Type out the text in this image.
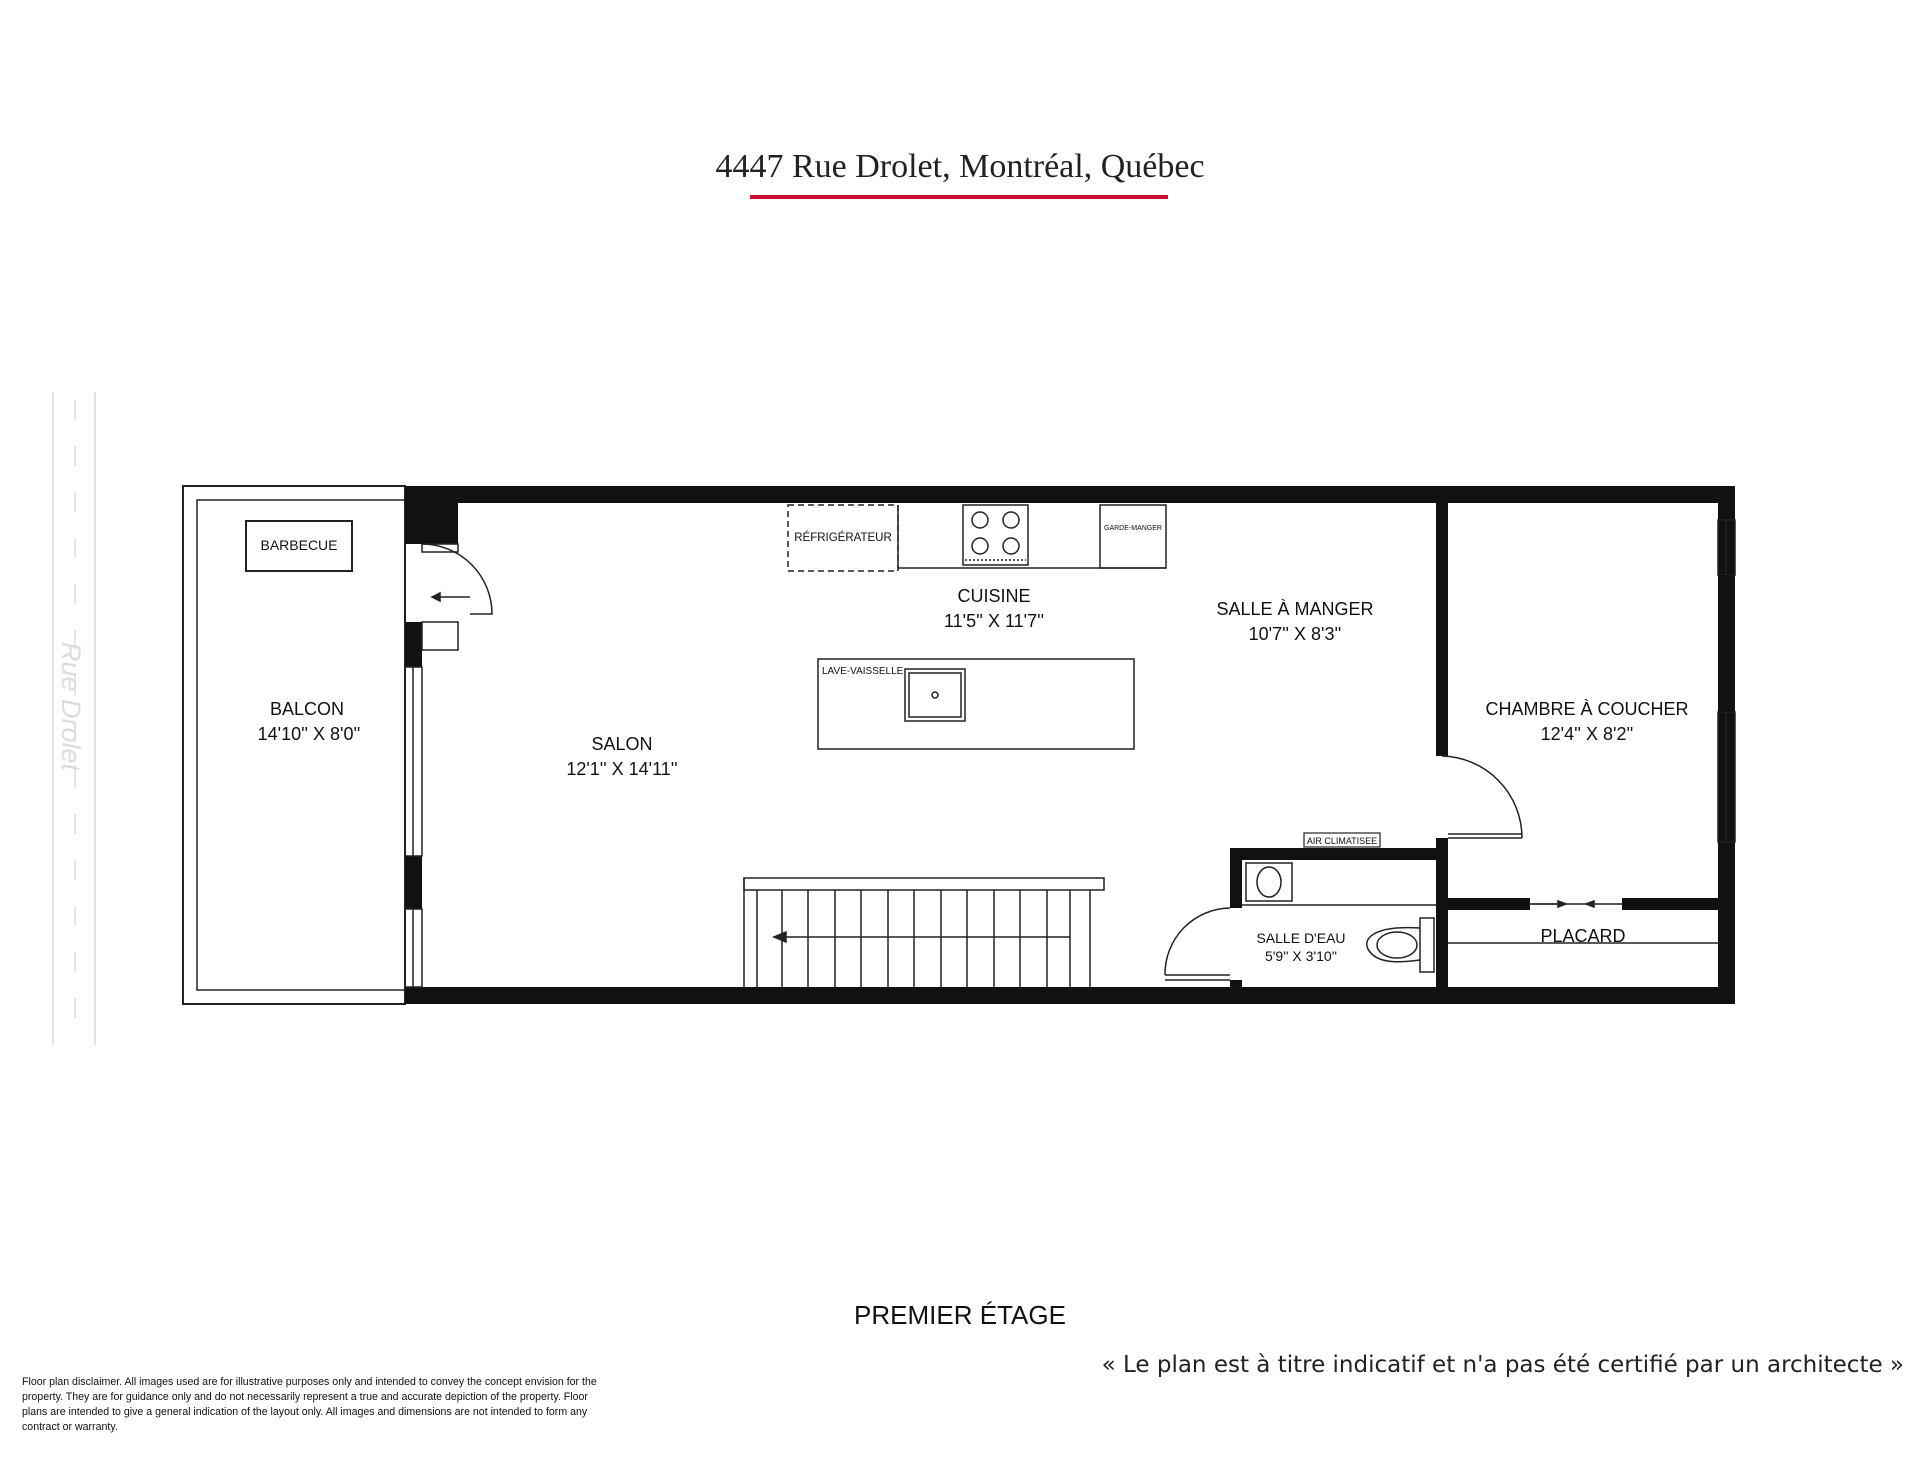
4447 Rue Drolet, Montréal, Québec
Rue Drolet
BARBECUE	RÉFRIGÉRATEUR
GARDE-MANGER
LAVE-VAISSELLE
AIR CLIMATISEE
BALCON
14'10'' X 8'0''	SALON
12'1'' X 14'11''
CUISINE
11'5'' X 11'7''
SALLE À MANGER
10'7'' X 8'3''
CHAMBRE À COUCHER
12'4'' X 8'2''
SALLE D'EAU
5'9'' X 3'10''
PLACARD
PREMIER ÉTAGE
« Le plan est à titre indicatif et n'a pas été certifié par un architecte »
Floor plan disclaimer. All images used are for illustrative purposes only and intended to convey the concept envision for the property. They are for guidance only and do not necessarily represent a true and accurate depiction of the property. Floor plans are intended to give a general indication of the layout only. All images and dimensions are not intended to form any contract or warranty.
